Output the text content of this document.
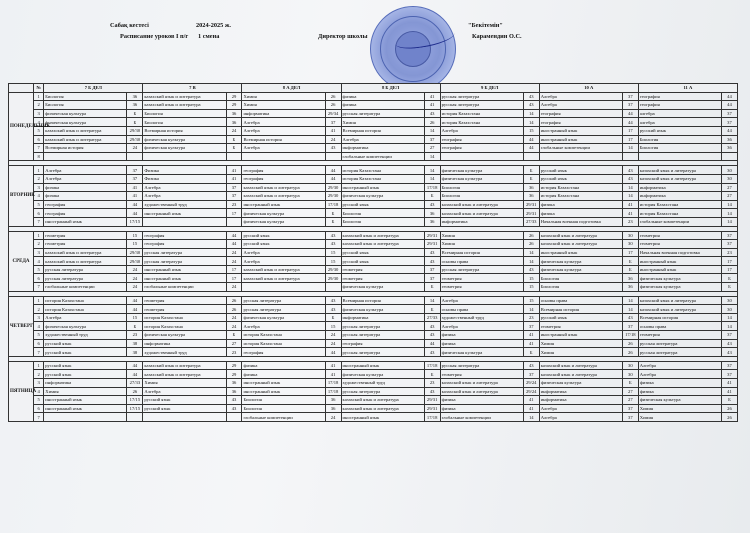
Сабақ кестесі	2024-2025 ж.
Расписание уроков I п/г 1 смена
"Бекітемін"
Директор школы	Карамендин О.С.
	№	7 Б ДЕЛ		7 В		8 А ДЕЛ		8 Б ДЕЛ		9 Б ДЕЛ		10 А		11 А	
ПОНЕДЕЛЬНИК	1	Биология	36	казахский язык и литература	29	Химия	26	физика	41	русская литература	43	Алгебра	37	география	44
	2	Биология	36	казахский язык и литература	29	Химия	26	физика	41	русская литература	43	Алгебра	37	география	44
	3	физическая культура	Б	Биология	36	информатика	29/34	русская литература	43	история Казахстана	14	география	44	алгебра	37
	4	физическая культура	Б	Биология	36	Алгебра	37	Химия	26	история Казахстана	14	география	44	алгебра	37
	5	казахский язык и литература	29/30	Всемирная история	24	Алгебра	41	Всемирная история	14	Алгебра	15	иностранный язык	17	русский язык	44
	6	казахский язык и литература	29/30	физическая культура	Б	Всемирная история	24	Алгебра	37	география	44	иностранный язык	17	Биология	36
	7	Всемирная история	24	физическая культура	Б	Алгебра	43	информатика	27	география	44	глобальные компетенции	14	Биология	36
	8							глобальные компетенции	14						

ВТОРНИК	1	Алгебра	37	Физика	41	география	44	история Казахстана	14	физическая культура	Б	русский язык	43	казахский язык и литература	30
	2	Алгебра	37	Физика	41	география	44	история Казахстана	14	физическая культура	Б	русский язык	43	казахский язык и литература	30
	3	физика	41	Алгебра	37	казахский язык и литература	29/30	иностранный язык	17/18	Биология	36	история Казахстана	14	информатика	27
	4	физика	41	Алгебра	37	казахский язык и литература	29/30	физическая культура	Б	Биология	36	история Казахстана	14	информатика	27
	5	география	44	художественный труд	23	иностранный язык	17/18	русский язык	43	казахский язык и литература	29/31	физика	41	история Казахстана	14
	6	география	44	иностранный язык	17	физическая культура	Б	Биология	36	казахский язык и литература	29/31	физика	41	история Казахстана	14
	7	иностранный язык	17/15			физическая культура	Б	Биология	36	информатика	27/33	Начальная военная подготовка	23	глобальные компетенции	14

СРЕДА	1	геометрия	15	география	44	русский язык	43	казахский язык и литература	29/31	Химия	26	казахский язык и литература	30	геометрия	37
	2	геометрия	15	география	44	русский язык	43	казахский язык и литература	29/31	Химия	26	казахский язык и литература	30	геометрия	37
	3	казахский язык и литература	29/30	русская литература	24	Алгебра	15	русский язык	43	Всемирная история	14	иностранный язык	17	Начальная военная подготовка	23
	4	казахский язык и литература	29/30	русская литература	24	Алгебра	15	русский язык	43	основы права	14	физическая культура	Б	иностранный язык	17
	5	русская литература	24	иностранный язык	17	казахский язык и литература	29/30	геометрия	37	русская литература	43	физическая культура	Б	иностранный язык	17
	6	русская литература	24	иностранный язык	17	казахский язык и литература	29/30	геометрия	37	геометрия	15	Биология	36	физическая культура	Б
	7	глобальные компетенции	24	глобальные компетенции	24			физическая культура	Б	геометрия	15	Биология	36	физическая культура	Б

ЧЕТВЕРГ	1	история Казахстана	44	геометрия	26	русская литература	43	Всемирная история	14	Алгебра	15	основы права	14	казахский язык и литература	30
	2	история Казахстана	44	геометрия	26	русская литература	43	физическая культура	Б	основы права	14	Всемирная история	14	казахский язык и литература	30
	3	Алгебра	15	история Казахстана	24	физическая культура	Б	информатика	27/33	художественный труд	23	русский язык	43	Всемирная история	14
	4	физическая культура	Б	история Казахстана	24	Алгебра	15	русская литература	43	Алгебра	37	геометрия	37	основы права	14
	5	художественный труд	23	физическая культура	Б	история Казахстана	24	русская литература	43	физика	41	иностранный язык	17/18	геометрия	37
	6	русский язык	38	информатика	27	история Казахстана	24	география	44	физика	41	Химия	26	русская литература	43
	7	русский язык	38	художественный труд	23	география	44	русская литература	43	физическая культура	Б	Химия	26	русская литература	43

ПЯТНИЦА	1	русский язык	44	казахский язык и литература	29	физика	41	иностранный язык	17/18	русская литература	43	казахский язык и литература	30	Алгебра	37
	2	русский язык	44	казахский язык и литература	29	физика	41	физическая культура	Б	геометрия	37	казахский язык и литература	30	Алгебра	37
	3	информатика	27/33	Химия	36	иностранный язык	17/18	художественный труд	23	казахский язык и литература	29/24	физическая культура	Б	физика	41
	4	Химия	26	Алгебра	36	иностранный язык	17/18	русская литература	43	казахский язык и литература	29/24	информатика	27	физика	41
	5	иностранный язык	17/15	русский язык	43	Биология	36	казахский язык и литература	29/31	физика	41	информатика	27	физическая культура	Б
	6	иностранный язык	17/15	русский язык	43	Биология	36	казахский язык и литература	29/31	физика	41	Алгебра	37	Химия	26
	7					глобальные компетенции	24	иностранный язык	17/18	глобальные компетенции	14	Алгебра	37	Химия	26
